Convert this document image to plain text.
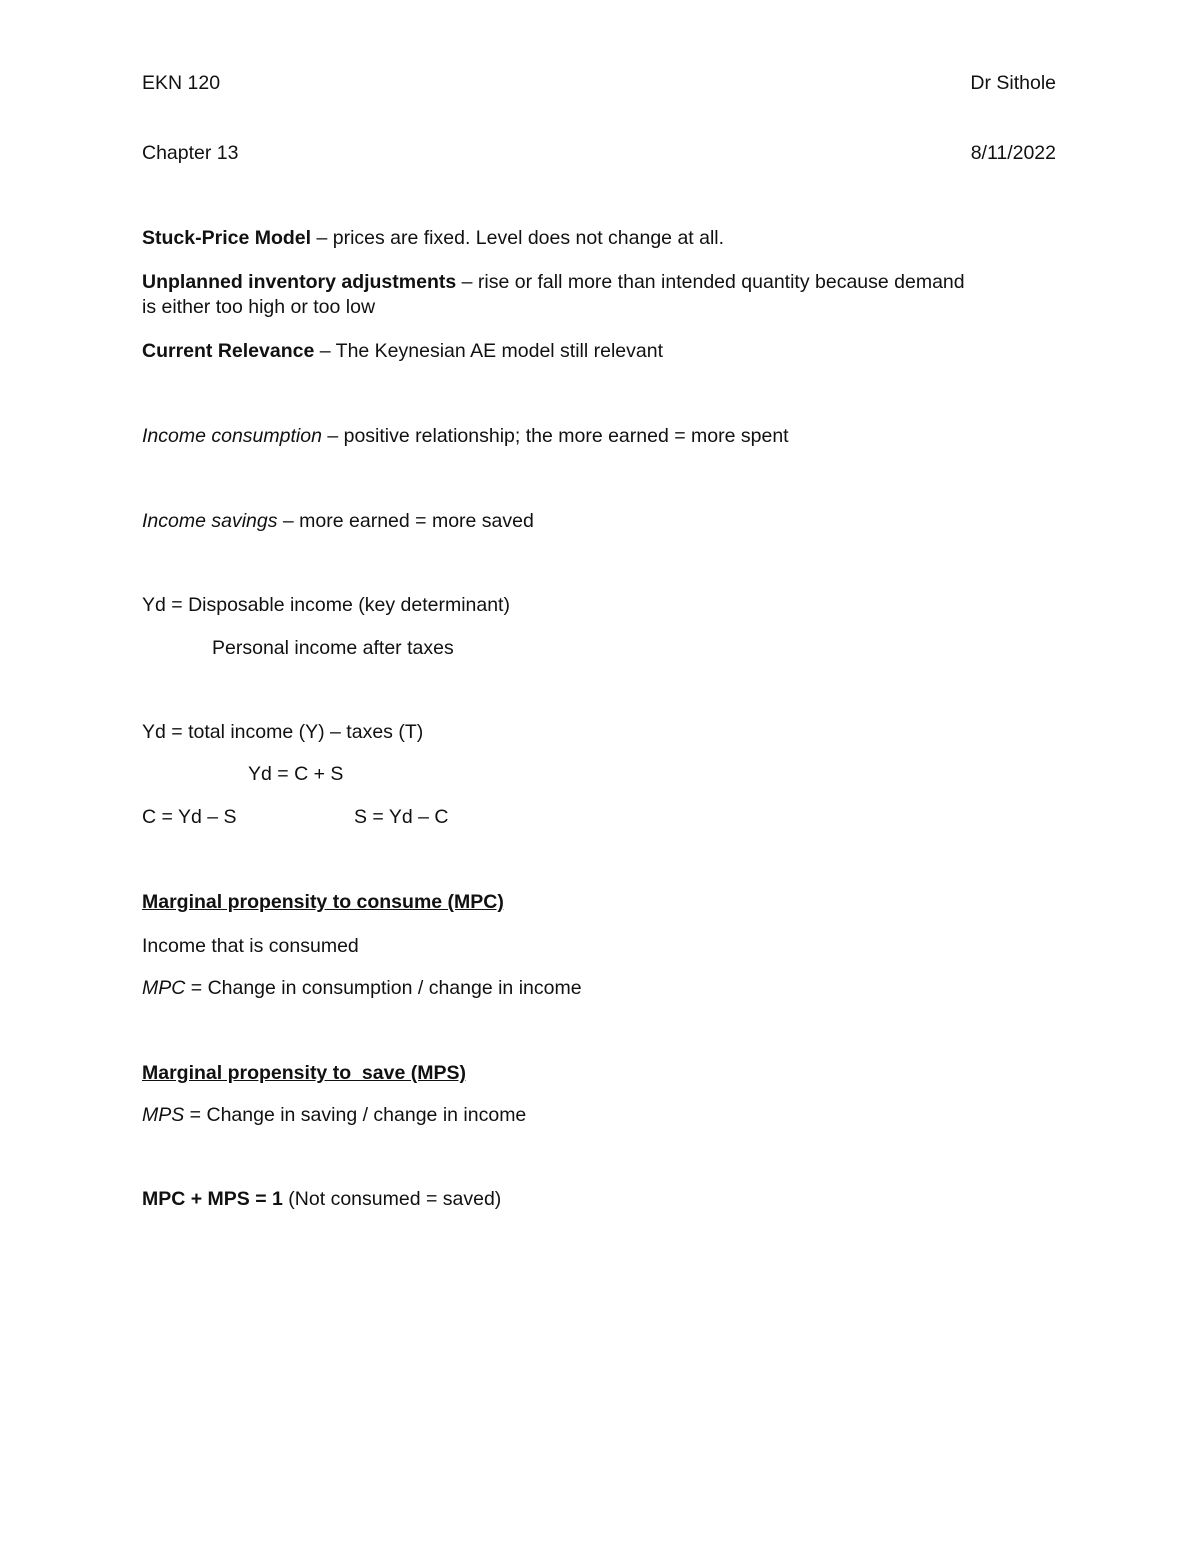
EKN 120	Dr Sithole
Chapter 13	8/11/2022
Stuck-Price Model – prices are fixed. Level does not change at all.
Unplanned inventory adjustments – rise or fall more than intended quantity because demand
is either too high or too low
Current Relevance – The Keynesian AE model still relevant
Income consumption – positive relationship; the more earned = more spent
Income savings – more earned = more saved
Yd = Disposable income (key determinant)
Personal income after taxes
Yd = total income (Y) – taxes (T)
Yd = C + S
C = Yd – S	S = Yd – C
Marginal propensity to consume (MPC)
Income that is consumed
MPC = Change in consumption / change in income
Marginal propensity to  save (MPS)
MPS = Change in saving / change in income
MPC + MPS = 1 (Not consumed = saved)
